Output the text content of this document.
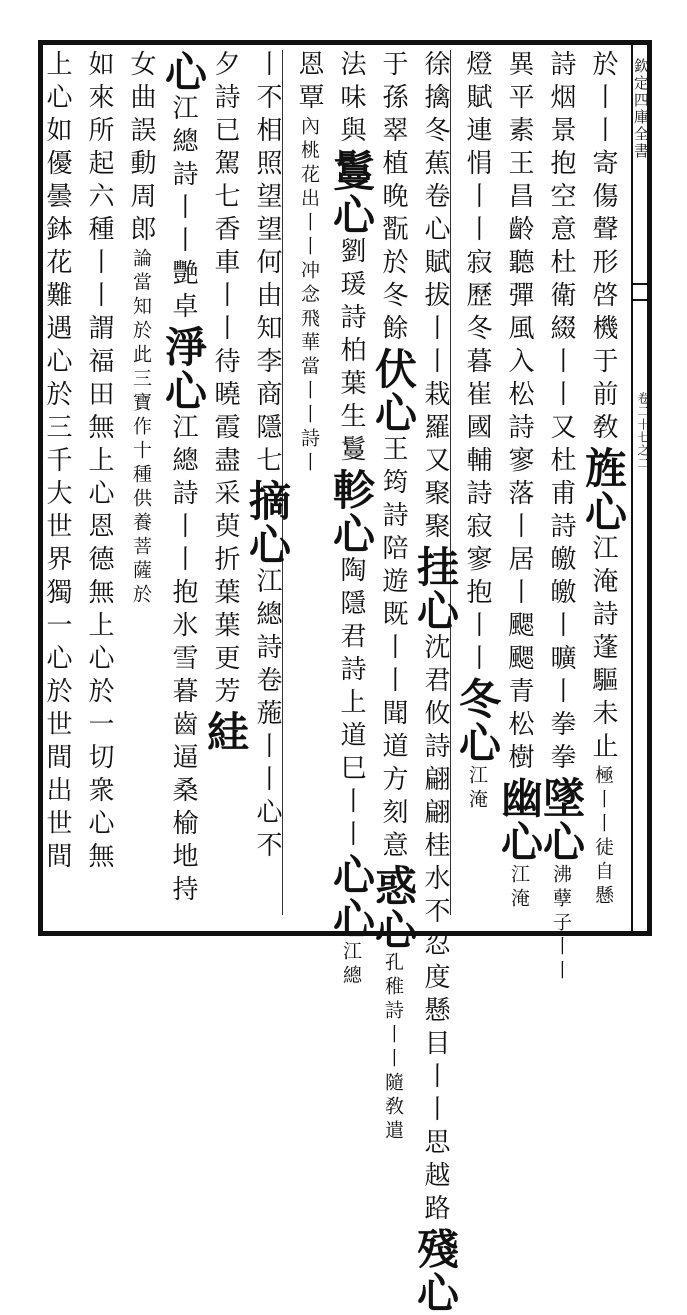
欽定四庫全書
卷二十七之二
於丨丨寄傷聲形啓機于前敎旌心江淹詩蓬驅未止極丨丨徒自懸
詩烟景抱空意杜衛綴丨丨又杜甫詩皦皦丨曠丨拳拳墜心沸孽子丨丨
異平素王昌齡聽彈風入松詩寥落丨居丨颸颸青松樹幽心江淹
燈賦連悁丨丨寂歷冬暮崔國輔詩寂寥抱丨丨冬心江淹
徐擒冬蕉卷心賦拔丨丨栽羅又聚聚挂心沈君攸詩翩翩桂水不忍度懸目丨丨思越路殘心
于孫翠植晚翫於冬餘伏心王筠詩陪遊既丨丨聞道方刻意惑心孔稚詩丨丨隨敎遣
法味與鬘心劉瑗詩柏葉生鬘軫心陶隱君詩上道巳丨丨心心江總
恩覃內桃花出丨丨冲念飛華當丨丨詩丨
丨不相照望望何由知李商隱七摘心江總詩卷葹丨丨心不
夕詩已駕七香車丨丨待曉霞盡采萸折葉葉更芳絓
心江總詩丨丨艷卓淨心江總詩丨丨抱氷雪暮齒逼桑榆地持
女曲誤動周郎論當知於此三寶作十種供養菩薩於
如來所起六種丨丨謂福田無上心恩德無上心於一切衆心無
上心如優曇鉢花難遇心於三千大世界獨一心於世間出世間
